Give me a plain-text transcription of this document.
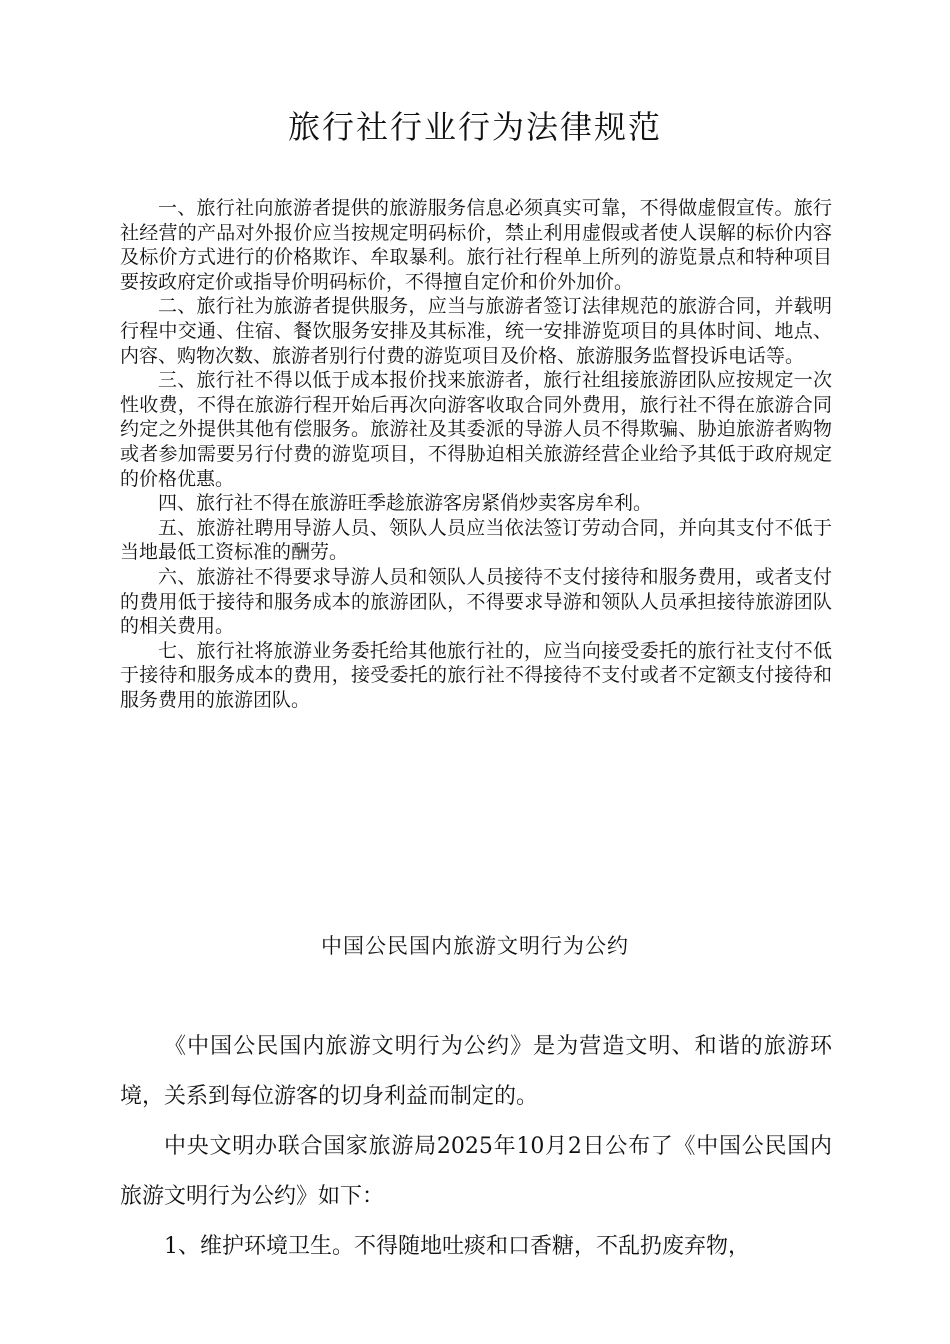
旅行社行业行为法律规范

一、旅行社向旅游者提供的旅游服务信息必须真实可靠，不得做虚假宣传。旅行社经营的产品对外报价应当按规定明码标价，禁止利用虚假或者使人误解的标价内容及标价方式进行的价格欺诈、牟取暴利。旅行社行程单上所列的游览景点和特种项目要按政府定价或指导价明码标价，不得擅自定价和价外加价。

二、旅行社为旅游者提供服务，应当与旅游者签订法律规范的旅游合同，并载明行程中交通、住宿、餐饮服务安排及其标准，统一安排游览项目的具体时间、地点、内容、购物次数、旅游者别行付费的游览项目及价格、旅游服务监督投诉电话等。

三、旅行社不得以低于成本报价找来旅游者，旅行社组接旅游团队应按规定一次性收费，不得在旅游行程开始后再次向游客收取合同外费用，旅行社不得在旅游合同约定之外提供其他有偿服务。旅游社及其委派的导游人员不得欺骗、胁迫旅游者购物或者参加需要另行付费的游览项目，不得胁迫相关旅游经营企业给予其低于政府规定的价格优惠。

四、旅行社不得在旅游旺季趁旅游客房紧俏炒卖客房牟利。

五、旅游社聘用导游人员、领队人员应当依法签订劳动合同，并向其支付不低于当地最低工资标准的酬劳。

六、旅游社不得要求导游人员和领队人员接待不支付接待和服务费用，或者支付的费用低于接待和服务成本的旅游团队，不得要求导游和领队人员承担接待旅游团队的相关费用。

七、旅行社将旅游业务委托给其他旅行社的，应当向接受委托的旅行社支付不低于接待和服务成本的费用，接受委托的旅行社不得接待不支付或者不定额支付接待和服务费用的旅游团队。

中国公民国内旅游文明行为公约

《中国公民国内旅游文明行为公约》是为营造文明、和谐的旅游环境，关系到每位游客的切身利益而制定的。

中央文明办联合国家旅游局2025年10月2日公布了《中国公民国内旅游文明行为公约》如下：

1、维护环境卫生。不得随地吐痰和口香糖，不乱扔废弃物，
